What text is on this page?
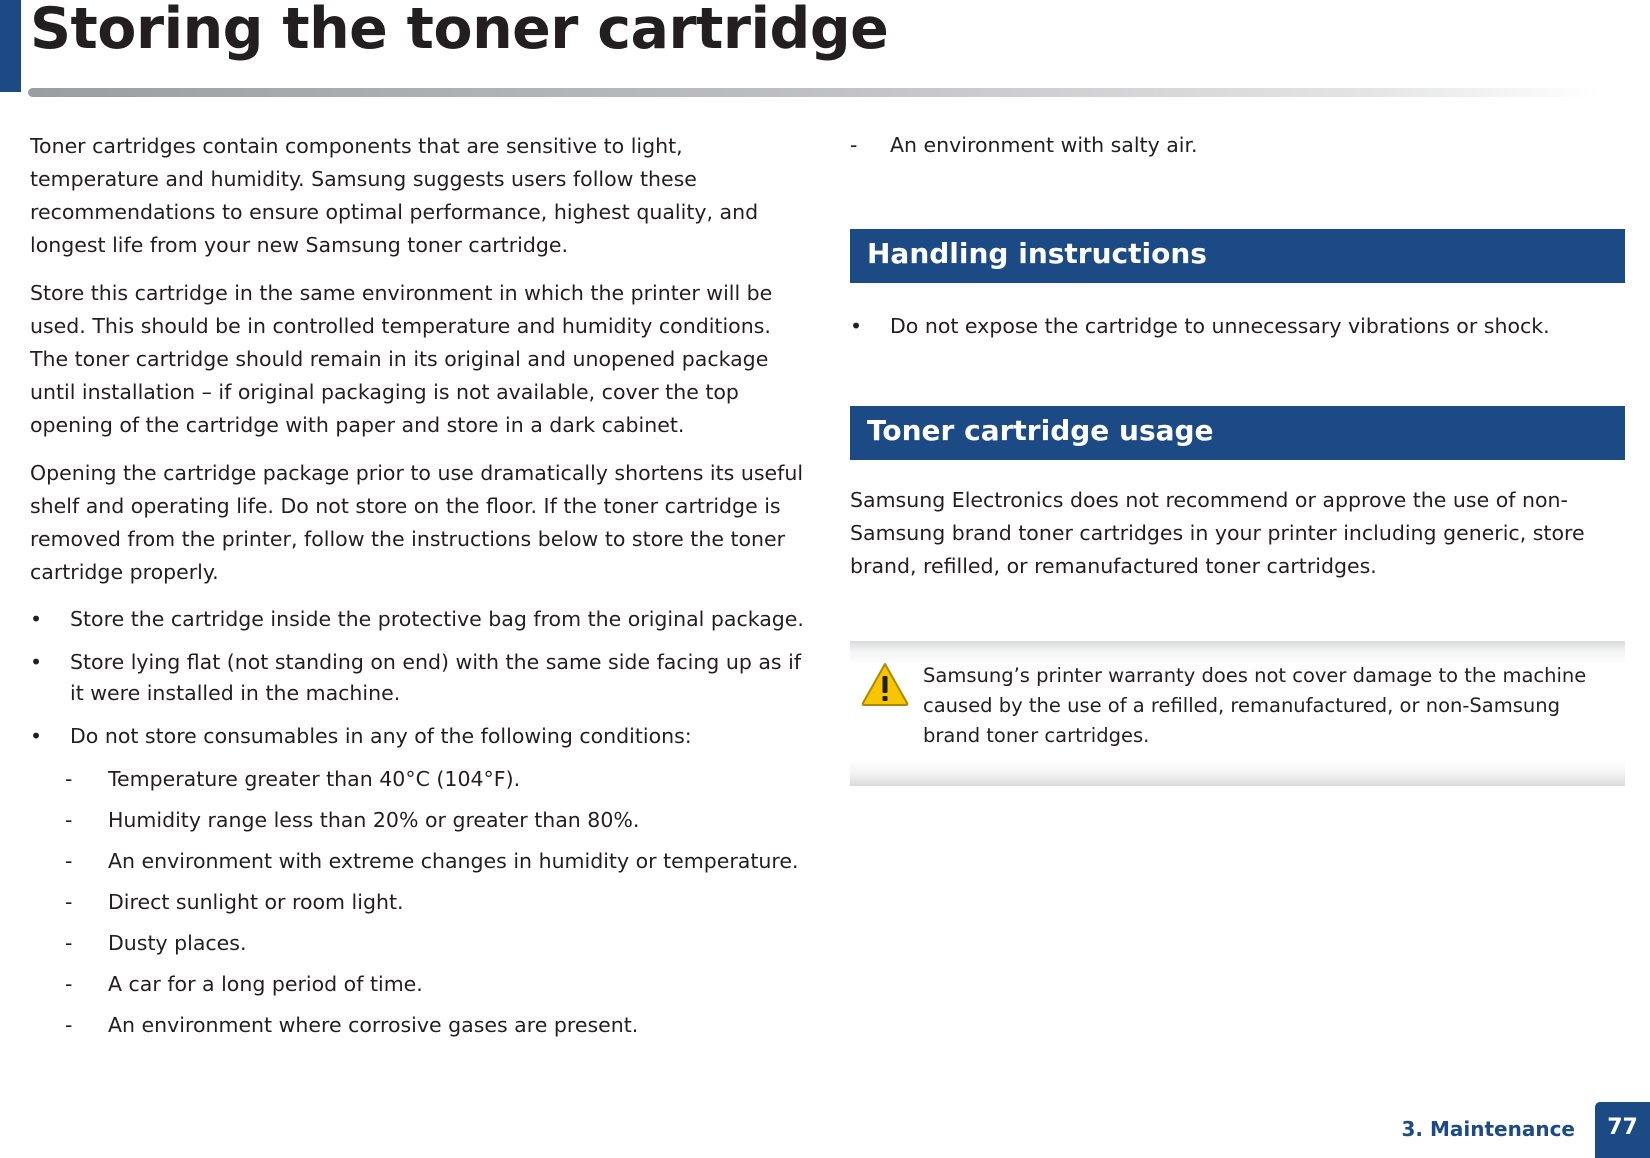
Storing the toner cartridge

Toner cartridges contain components that are sensitive to light, temperature and humidity. Samsung suggests users follow these recommendations to ensure optimal performance, highest quality, and longest life from your new Samsung toner cartridge.

Store this cartridge in the same environment in which the printer will be used. This should be in controlled temperature and humidity conditions. The toner cartridge should remain in its original and unopened package until installation – if original packaging is not available, cover the top opening of the cartridge with paper and store in a dark cabinet.

Opening the cartridge package prior to use dramatically shortens its useful shelf and operating life. Do not store on the floor. If the toner cartridge is removed from the printer, follow the instructions below to store the toner cartridge properly.

• Store the cartridge inside the protective bag from the original package.
• Store lying flat (not standing on end) with the same side facing up as if it were installed in the machine.
• Do not store consumables in any of the following conditions:
- Temperature greater than 40°C (104°F).
- Humidity range less than 20% or greater than 80%.
- An environment with extreme changes in humidity or temperature.
- Direct sunlight or room light.
- Dusty places.
- A car for a long period of time.
- An environment where corrosive gases are present.
- An environment with salty air.
Handling instructions
• Do not expose the cartridge to unnecessary vibrations or shock.
Toner cartridge usage

Samsung Electronics does not recommend or approve the use of non-Samsung brand toner cartridges in your printer including generic, store brand, refilled, or remanufactured toner cartridges.

Samsung’s printer warranty does not cover damage to the machine caused by the use of a refilled, remanufactured, or non-Samsung brand toner cartridges.
3. Maintenance	77
